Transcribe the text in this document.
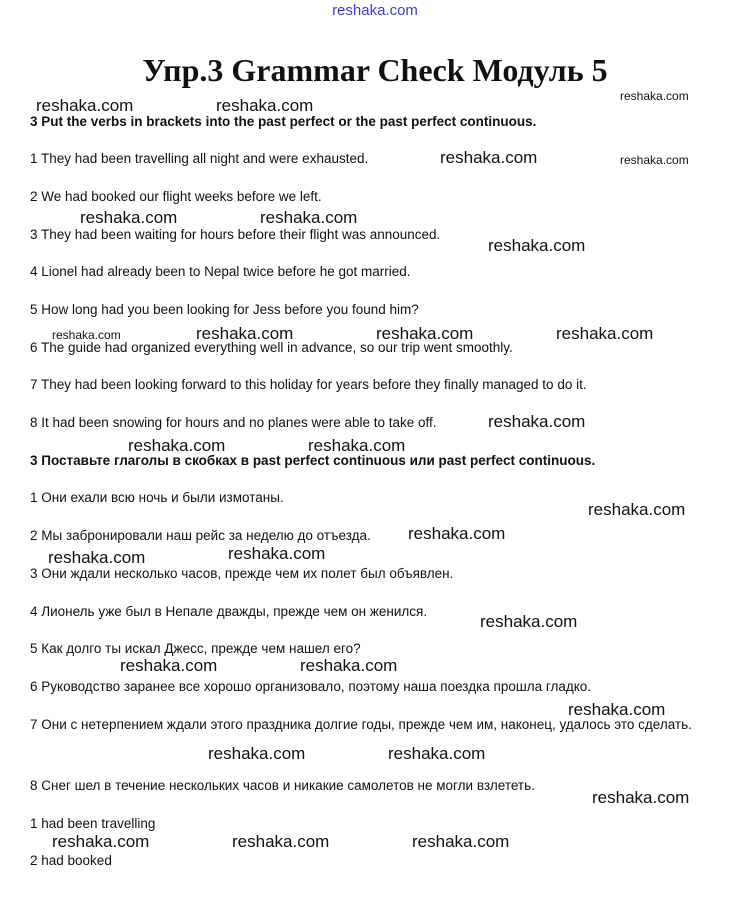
reshaka.com
Упр.3 Grammar Check Модуль 5
3 Put the verbs in brackets into the past perfect or the past perfect continuous.
1 They had been travelling all night and were exhausted.
2 We had booked our flight weeks before we left.
3 They had been waiting for hours before their flight was announced.
4 Lionel had already been to Nepal twice before he got married.
5 How long had you been looking for Jess before you found him?
6 The guide had organized everything well in advance, so our trip went smoothly.
7 They had been looking forward to this holiday for years before they finally managed to do it.
8 It had been snowing for hours and no planes were able to take off.
3 Поставьте глаголы в скобках в past perfect continuous или past perfect continuous.
1 Они ехали всю ночь и были измотаны.
2 Мы забронировали наш рейс за неделю до отъезда.
3 Они ждали несколько часов, прежде чем их полет был объявлен.
4 Лионель уже был в Непале дважды, прежде чем он женился.
5 Как долго ты искал Джесс, прежде чем нашел его?
6 Руководство заранее все хорошо организовало, поэтому наша поездка прошла гладко.
7 Они с нетерпением ждали этого праздника долгие годы, прежде чем им, наконец, удалось это сделать.
8 Снег шел в течение нескольких часов и никакие самолетов не могли взлететь.
1 had been travelling
2 had booked
reshaka.com	reshaka.com	reshaka.com
reshaka.com	reshaka.com
reshaka.com	reshaka.com
reshaka.com
reshaka.com	reshaka.com	reshaka.com	reshaka.com
reshaka.com
reshaka.com	reshaka.com
reshaka.com
reshaka.com
reshaka.com	reshaka.com
reshaka.com
reshaka.com	reshaka.com
reshaka.com
reshaka.com	reshaka.com
reshaka.com
reshaka.com	reshaka.com	reshaka.com
